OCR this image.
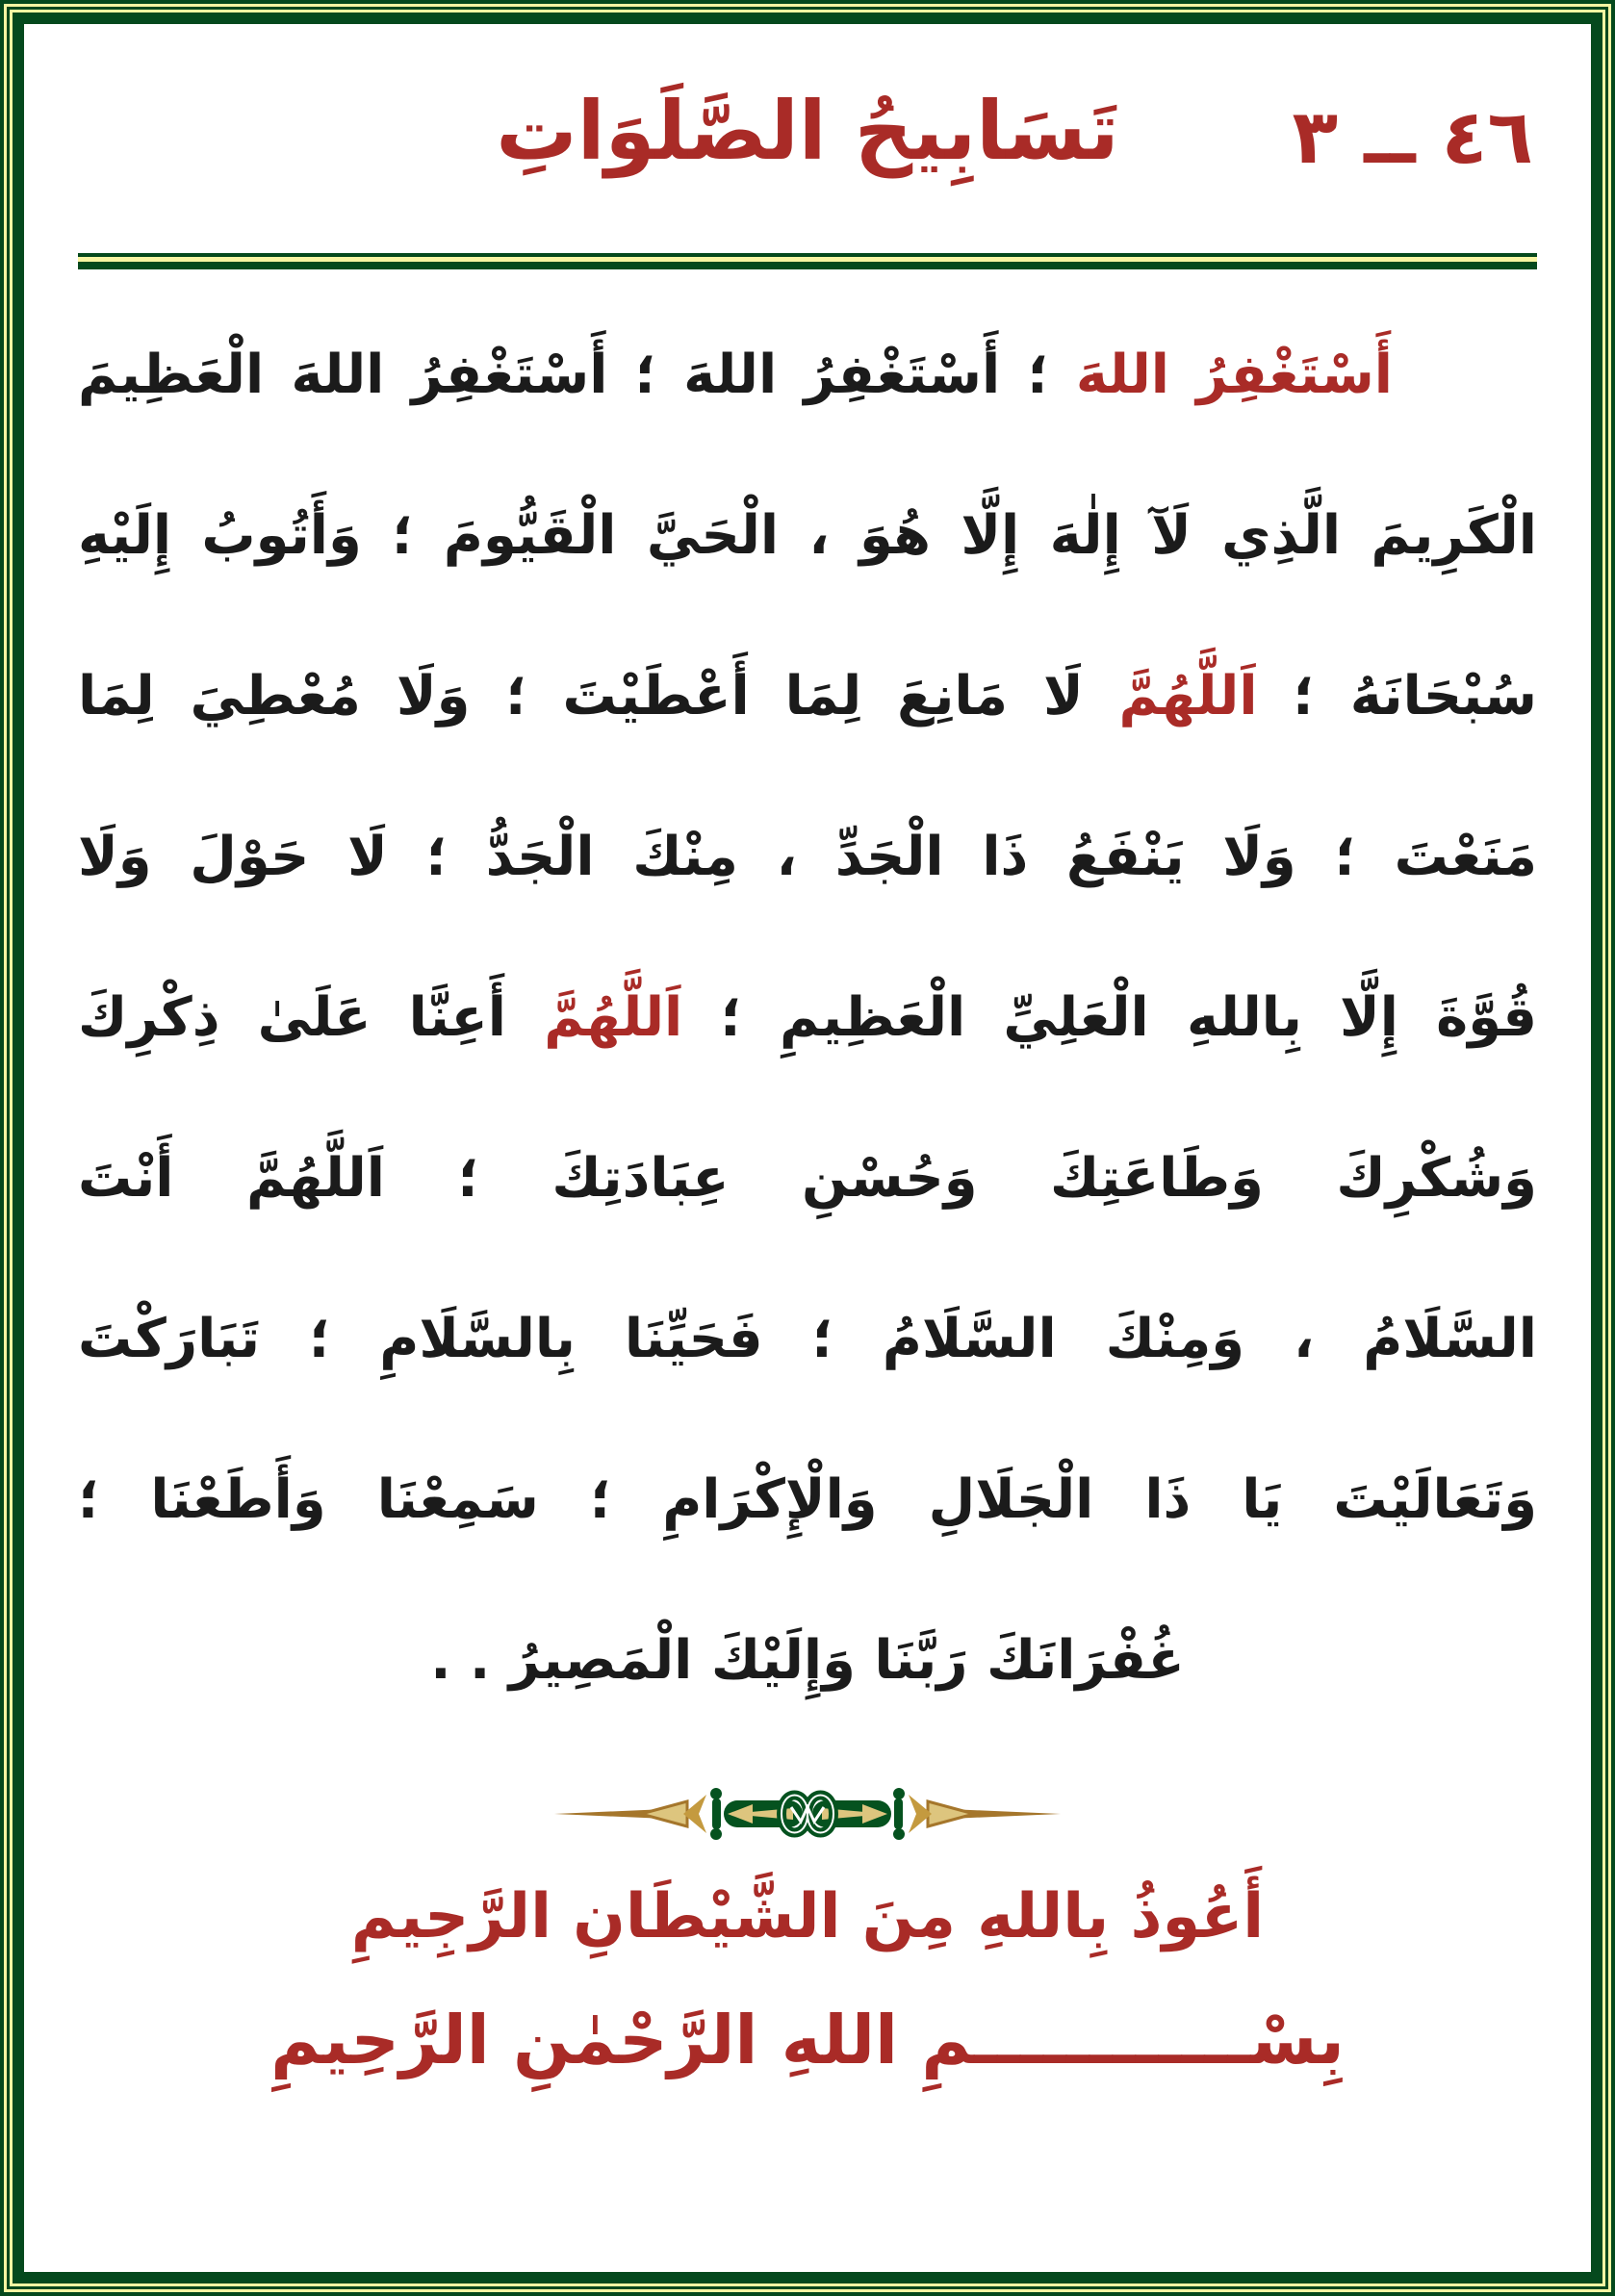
تَسَابِيحُ الصَّلَوَاتِ ٤٦ ــ ٣
أَسْتَغْفِرُ اللهَ ؛ أَسْتَغْفِرُ اللهَ ؛ أَسْتَغْفِرُ اللهَ الْعَظِيمَ
الْكَرِيمَ الَّذِي لَآ إِلٰهَ إِلَّا هُوَ ، الْحَيَّ الْقَيُّومَ ؛ وَأَتُوبُ إِلَيْهِ
سُبْحَانَهُ ؛ اَللَّهُمَّ لَا مَانِعَ لِمَا أَعْطَيْتَ ؛ وَلَا مُعْطِيَ لِمَا
مَنَعْتَ ؛ وَلَا يَنْفَعُ ذَا الْجَدِّ ، مِنْكَ الْجَدُّ ؛ لَا حَوْلَ وَلَا
قُوَّةَ إِلَّا بِاللهِ الْعَلِيِّ الْعَظِيمِ ؛ اَللَّهُمَّ أَعِنَّا عَلَىٰ ذِكْرِكَ
وَشُكْرِكَ وَطَاعَتِكَ وَحُسْنِ عِبَادَتِكَ ؛ اَللَّهُمَّ أَنْتَ
السَّلَامُ ، وَمِنْكَ السَّلَامُ ؛ فَحَيِّنَا بِالسَّلَامِ ؛ تَبَارَكْتَ
وَتَعَالَيْتَ يَا ذَا الْجَلَالِ وَالْإِكْرَامِ ؛ سَمِعْنَا وَأَطَعْنَا ؛
غُفْرَانَكَ رَبَّنَا وَإِلَيْكَ الْمَصِيرُ . .
أَعُوذُ بِاللهِ مِنَ الشَّيْطَانِ الرَّجِيمِ
بِسْــــــــــــمِ اللهِ الرَّحْمٰنِ الرَّحِيمِ
